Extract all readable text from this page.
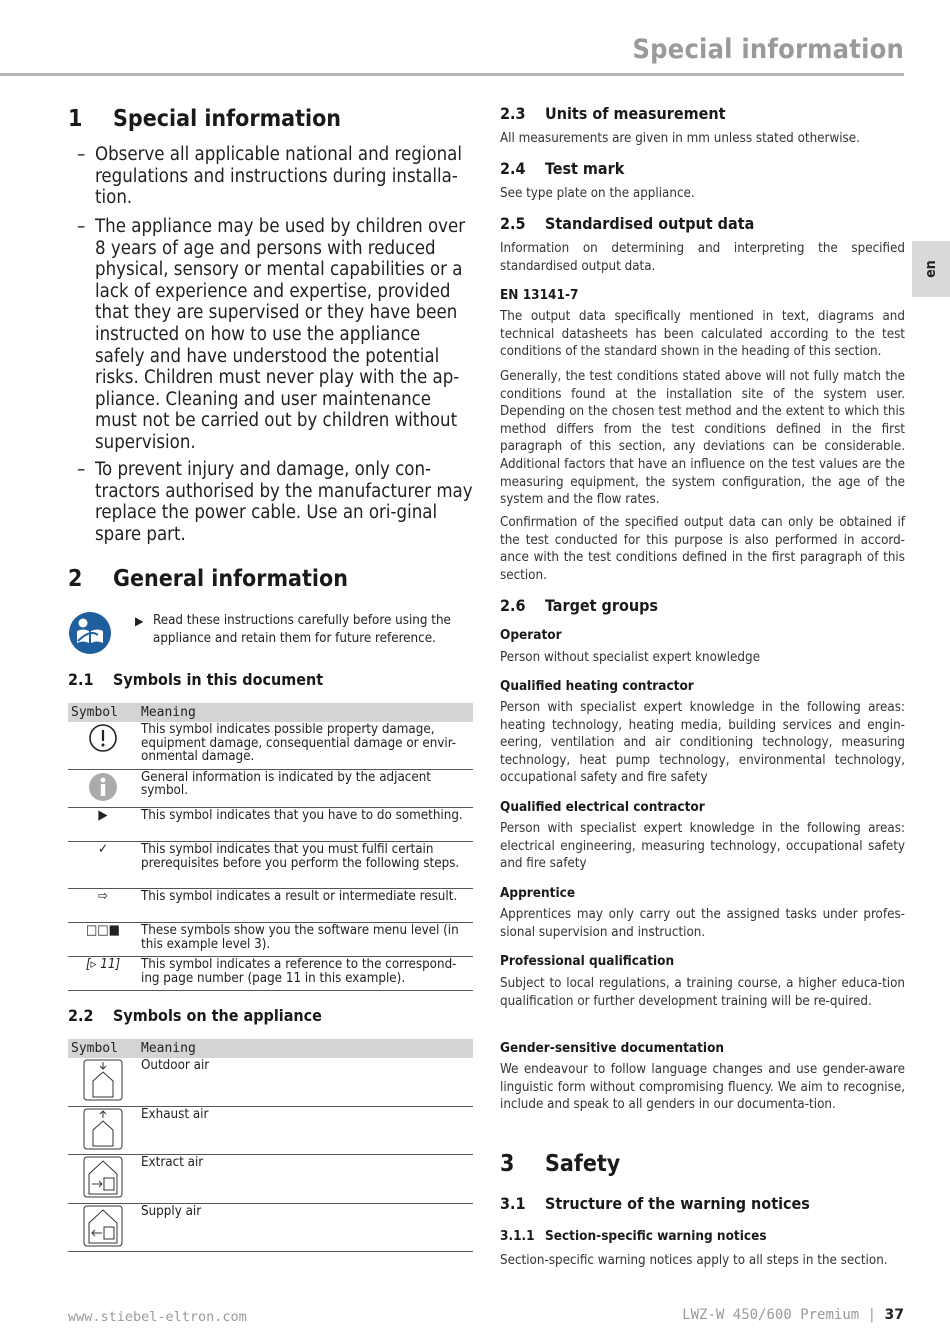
Special information
en
1 Special information
– Observe all applicable national and regional regulations and instructions during installa-tion.
– The appliance may be used by children over 8 years of age and persons with reduced physical, sensory or mental capabilities or a lack of experience and expertise, provided that they are supervised or they have been instructed on how to use the appliance safely and have understood the potential risks. Children must never play with the ap-pliance. Cleaning and user maintenance must not be carried out by children without supervision.
– To prevent injury and damage, only con-tractors authorised by the manufacturer may replace the power cable. Use an ori-ginal spare part.
2 General information
▶ Read these instructions carefully before using the appliance and retain them for future reference.
2.1 Symbols in this document
Symbol	Meaning
	This symbol indicates possible property damage, equipment damage, consequential damage or envir-onmental damage.
	General information is indicated by the adjacent symbol.
▶	This symbol indicates that you have to do something.
✓	This symbol indicates that you must fulfil certain prerequisites before you perform the following steps.
⇨	This symbol indicates a result or intermediate result.
□□■	These symbols show you the software menu level (in this example level 3).
[▹ 11]	This symbol indicates a reference to the correspond-ing page number (page 11 in this example).
2.2 Symbols on the appliance
Symbol	Meaning
	Outdoor air
	Exhaust air
	Extract air
	Supply air
2.3 Units of measurement
All measurements are given in mm unless stated otherwise.
2.4 Test mark
See type plate on the appliance.
2.5 Standardised output data
Information on determining and interpreting the specified standardised output data.
EN 13141-7
The output data specifically mentioned in text, diagrams and technical datasheets has been calculated according to the test conditions of the standard shown in the heading of this section.
Generally, the test conditions stated above will not fully match the conditions found at the installation site of the system user. Depending on the chosen test method and the extent to which this method differs from the test conditions defined in the first paragraph of this section, any deviations can be considerable. Additional factors that have an influence on the test values are the measuring equipment, the system configuration, the age of the system and the flow rates.
Confirmation of the specified output data can only be obtained if the test conducted for this purpose is also performed in accord-ance with the test conditions defined in the first paragraph of this section.
2.6 Target groups
Operator
Person without specialist expert knowledge
Qualified heating contractor
Person with specialist expert knowledge in the following areas: heating technology, heating media, building services and engin-eering, ventilation and air conditioning technology, measuring technology, heat pump technology, environmental technology, occupational safety and fire safety
Qualified electrical contractor
Person with specialist expert knowledge in the following areas: electrical engineering, measuring technology, occupational safety and fire safety
Apprentice
Apprentices may only carry out the assigned tasks under profes-sional supervision and instruction.
Professional qualification
Subject to local regulations, a training course, a higher educa-tion qualification or further development training will be re-quired.
Gender-sensitive documentation
We endeavour to follow language changes and use gender-aware linguistic form without compromising fluency. We aim to recognise, include and speak to all genders in our documenta-tion.
3 Safety
3.1 Structure of the warning notices
3.1.1 Section-specific warning notices
Section-specific warning notices apply to all steps in the section.
www.stiebel-eltron.com	LWZ-W 450/600 Premium | 37
